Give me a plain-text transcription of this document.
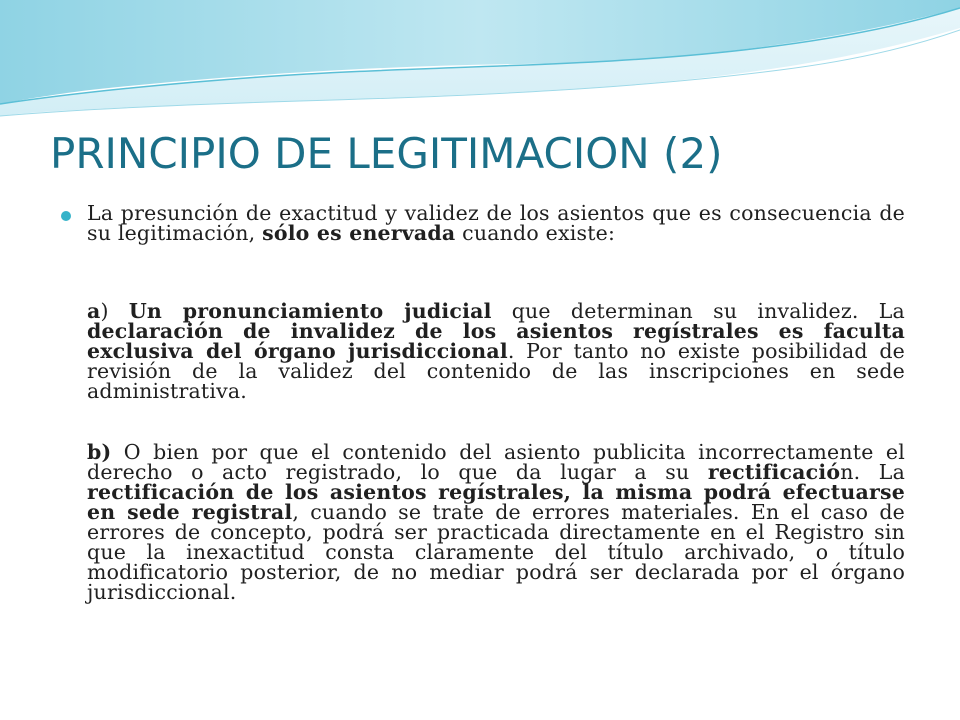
PRINCIPIO DE LEGITIMACION (2)

La presunción de exactitud y validez de los asientos que es consecuencia de su legitimación, sólo es enervada cuando existe:

a) Un pronunciamiento judicial que determinan su invalidez. La declaración de invalidez de los asientos regístrales es faculta exclusiva del órgano jurisdiccional. Por tanto no existe posibilidad de revisión de la validez del contenido de las inscripciones en sede administrativa.

b) O bien por que el contenido del asiento publicita incorrectamente el derecho o acto registrado, lo que da lugar a su rectificación. La rectificación de los asientos regístrales, la misma podrá efectuarse en sede registral, cuando se trate de errores materiales. En el caso de errores de concepto, podrá ser practicada directamente en el Registro sin que la inexactitud consta claramente del título archivado, o título modificatorio posterior, de no mediar podrá ser declarada por el órgano jurisdiccional.
